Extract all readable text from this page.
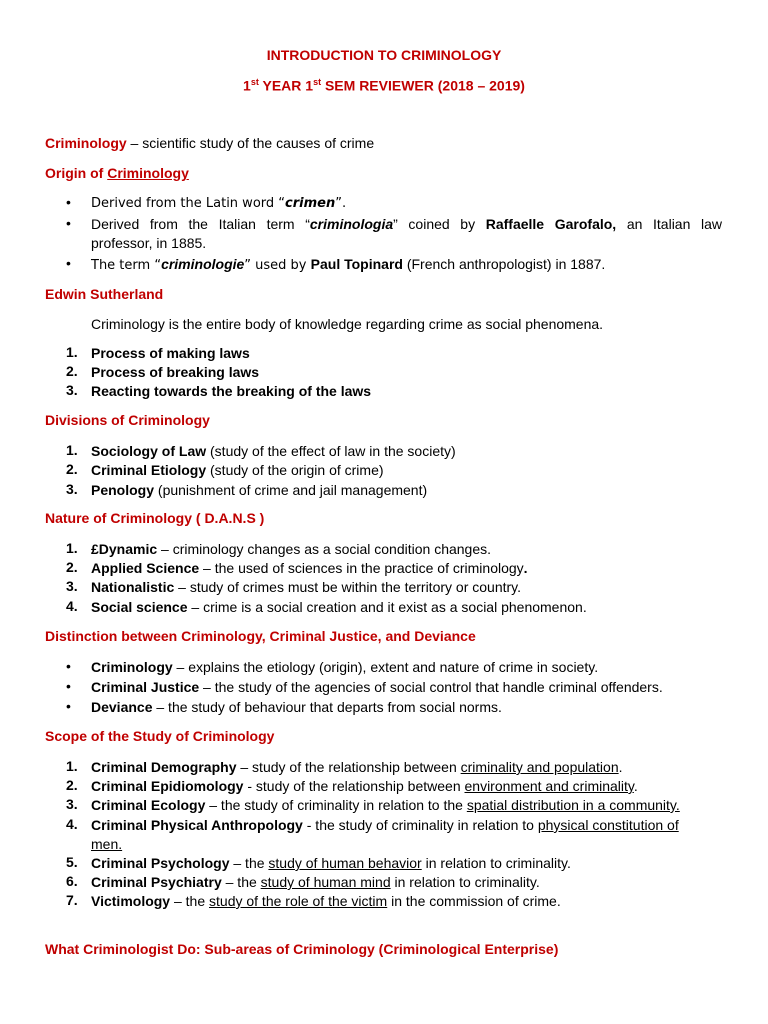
INTRODUCTION TO CRIMINOLOGY
1st YEAR 1st SEM REVIEWER (2018 – 2019)
Criminology – scientific study of the causes of crime
Origin of Criminology
• Derived from the Latin word “crimen”.
• Derived from the Italian term “criminologia” coined by Raffaelle Garofalo, an Italian law
professor, in 1885.
• The term “criminologie” used by Paul Topinard (French anthropologist) in 1887.
Edwin Sutherland
Criminology is the entire body of knowledge regarding crime as social phenomena.
1. Process of making laws
2. Process of breaking laws
3. Reacting towards the breaking of the laws
Divisions of Criminology
1. Sociology of Law (study of the effect of law in the society)
2. Criminal Etiology (study of the origin of crime)
3. Penology (punishment of crime and jail management)
Nature of Criminology ( D.A.N.S )
1. £Dynamic – criminology changes as a social condition changes.
2. Applied Science – the used of sciences in the practice of criminology.
3. Nationalistic – study of crimes must be within the territory or country.
4. Social science – crime is a social creation and it exist as a social phenomenon.
Distinction between Criminology, Criminal Justice, and Deviance
• Criminology – explains the etiology (origin), extent and nature of crime in society.
• Criminal Justice – the study of the agencies of social control that handle criminal offenders.
• Deviance – the study of behaviour that departs from social norms.
Scope of the Study of Criminology
1. Criminal Demography – study of the relationship between criminality and population.
2. Criminal Epidiomology - study of the relationship between environment and criminality.
3. Criminal Ecology – the study of criminality in relation to the spatial distribution in a community.
4. Criminal Physical Anthropology - the study of criminality in relation to physical constitution of
men.
5. Criminal Psychology – the study of human behavior in relation to criminality.
6. Criminal Psychiatry – the study of human mind in relation to criminality.
7. Victimology – the study of the role of the victim in the commission of crime.
What Criminologist Do: Sub-areas of Criminology (Criminological Enterprise)
